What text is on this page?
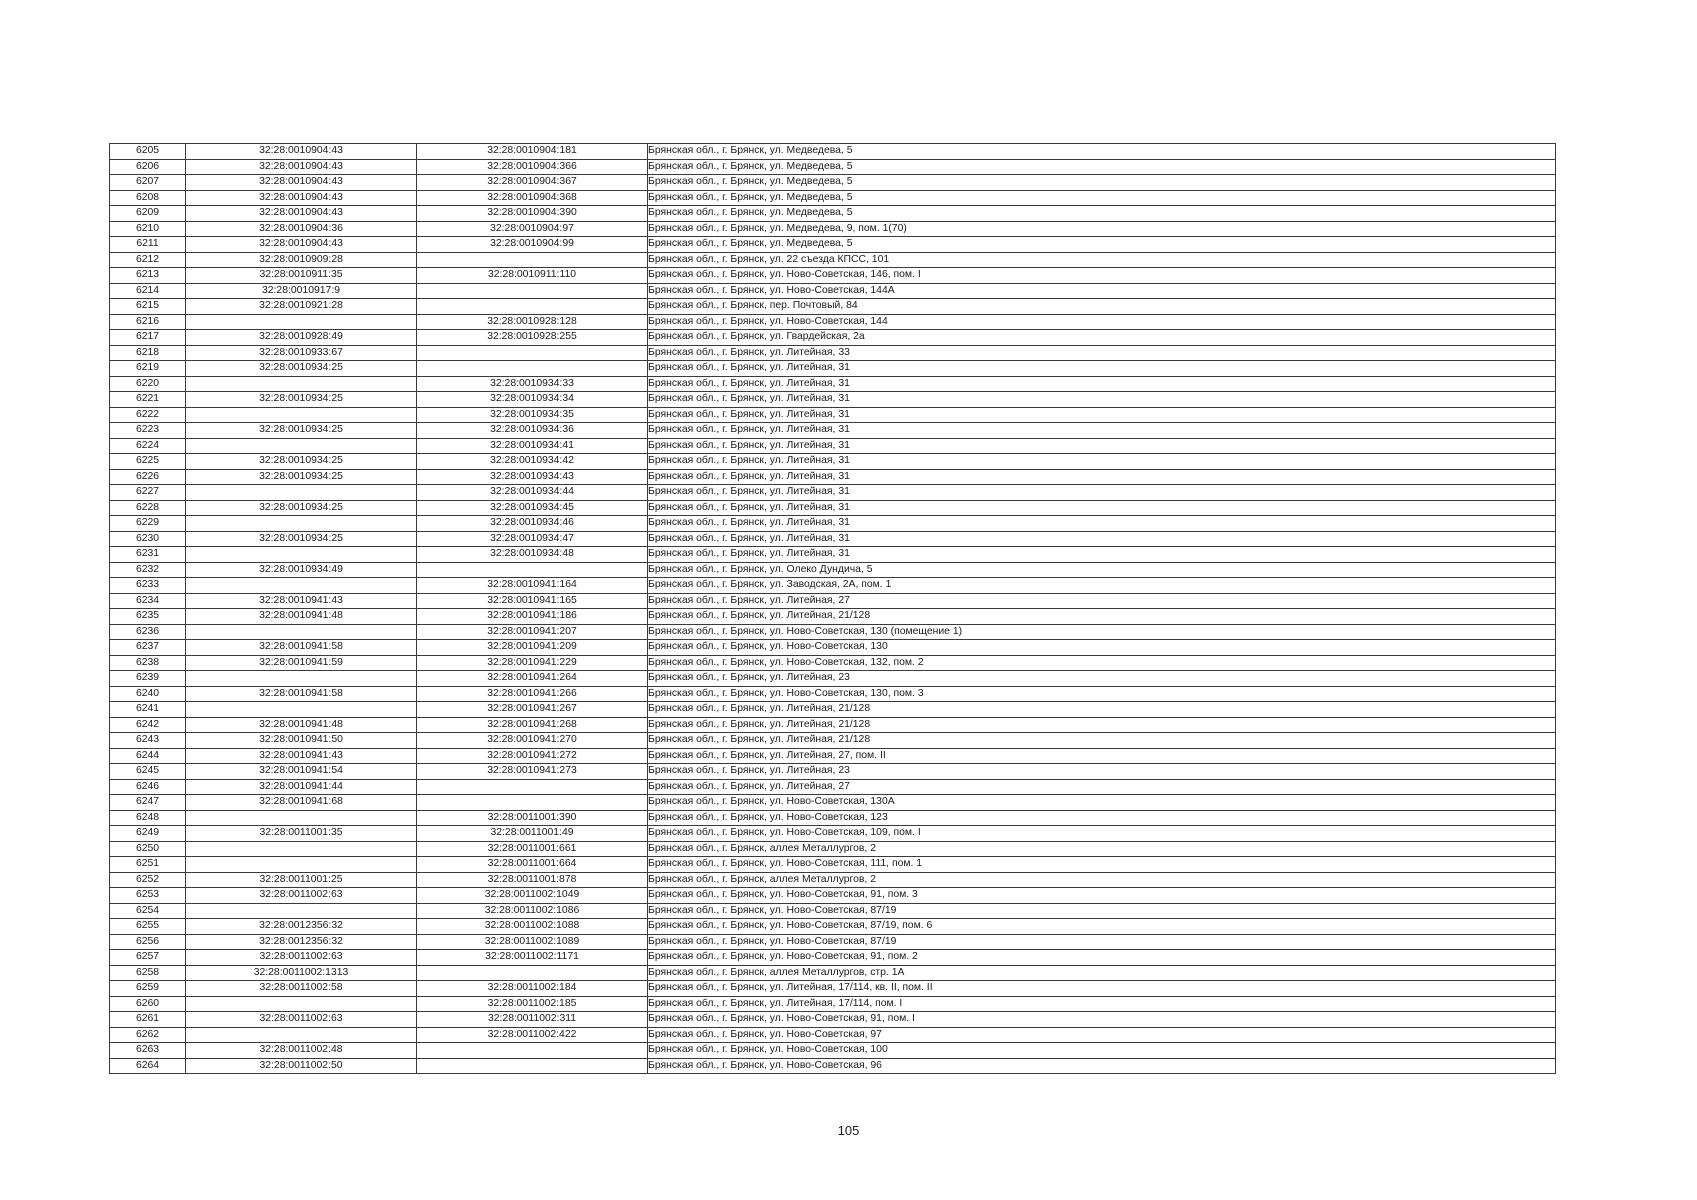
6205	32:28:0010904:43	32:28:0010904:181	Брянская обл., г. Брянск, ул. Медведева, 5
6206	32:28:0010904:43	32:28:0010904:366	Брянская обл., г. Брянск, ул. Медведева, 5
6207	32:28:0010904:43	32:28:0010904:367	Брянская обл., г. Брянск, ул. Медведева, 5
6208	32:28:0010904:43	32:28:0010904:368	Брянская обл., г. Брянск, ул. Медведева, 5
6209	32:28:0010904:43	32:28:0010904:390	Брянская обл., г. Брянск, ул. Медведева, 5
6210	32:28:0010904:36	32:28:0010904:97	Брянская обл., г. Брянск, ул. Медведева, 9, пом. 1(70)
6211	32:28:0010904:43	32:28:0010904:99	Брянская обл., г. Брянск, ул. Медведева, 5
6212	32:28:0010909:28		Брянская обл., г. Брянск, ул. 22 съезда КПСС, 101
6213	32:28:0010911:35	32:28:0010911:110	Брянская обл., г. Брянск, ул. Ново-Советская, 146, пом. I
6214	32:28:0010917:9		Брянская обл., г. Брянск, ул. Ново-Советская, 144А
6215	32:28:0010921:28		Брянская обл., г. Брянск, пер. Почтовый, 84
6216		32:28:0010928:128	Брянская обл., г. Брянск, ул. Ново-Советская, 144
6217	32:28:0010928:49	32:28:0010928:255	Брянская обл., г. Брянск, ул. Гвардейская, 2а
6218	32:28:0010933:67		Брянская обл., г. Брянск, ул. Литейная, 33
6219	32:28:0010934:25		Брянская обл., г. Брянск, ул. Литейная, 31
6220		32:28:0010934:33	Брянская обл., г. Брянск, ул. Литейная, 31
6221	32:28:0010934:25	32:28:0010934:34	Брянская обл., г. Брянск, ул. Литейная, 31
6222		32:28:0010934:35	Брянская обл., г. Брянск, ул. Литейная, 31
6223	32:28:0010934:25	32:28:0010934:36	Брянская обл., г. Брянск, ул. Литейная, 31
6224		32:28:0010934:41	Брянская обл., г. Брянск, ул. Литейная, 31
6225	32:28:0010934:25	32:28:0010934:42	Брянская обл., г. Брянск, ул. Литейная, 31
6226	32:28:0010934:25	32:28:0010934:43	Брянская обл., г. Брянск, ул. Литейная, 31
6227		32:28:0010934:44	Брянская обл., г. Брянск, ул. Литейная, 31
6228	32:28:0010934:25	32:28:0010934:45	Брянская обл., г. Брянск, ул. Литейная, 31
6229		32:28:0010934:46	Брянская обл., г. Брянск, ул. Литейная, 31
6230	32:28:0010934:25	32:28:0010934:47	Брянская обл., г. Брянск, ул. Литейная, 31
6231		32:28:0010934:48	Брянская обл., г. Брянск, ул. Литейная, 31
6232	32:28:0010934:49		Брянская обл., г. Брянск, ул. Олеко Дундича, 5
6233		32:28:0010941:164	Брянская обл., г. Брянск, ул. Заводская, 2А, пом. 1
6234	32:28:0010941:43	32:28:0010941:165	Брянская обл., г. Брянск, ул. Литейная, 27
6235	32:28:0010941:48	32:28:0010941:186	Брянская обл., г. Брянск, ул. Литейная, 21/128
6236		32:28:0010941:207	Брянская обл., г. Брянск, ул. Ново-Советская, 130 (помещение 1)
6237	32:28:0010941:58	32:28:0010941:209	Брянская обл., г. Брянск, ул. Ново-Советская, 130
6238	32:28:0010941:59	32:28:0010941:229	Брянская обл., г. Брянск, ул. Ново-Советская, 132, пом. 2
6239		32:28:0010941:264	Брянская обл., г. Брянск, ул. Литейная, 23
6240	32:28:0010941:58	32:28:0010941:266	Брянская обл., г. Брянск, ул. Ново-Советская, 130, пом. 3
6241		32:28:0010941:267	Брянская обл., г. Брянск, ул. Литейная, 21/128
6242	32:28:0010941:48	32:28:0010941:268	Брянская обл., г. Брянск, ул. Литейная, 21/128
6243	32:28:0010941:50	32:28:0010941:270	Брянская обл., г. Брянск, ул. Литейная, 21/128
6244	32:28:0010941:43	32:28:0010941:272	Брянская обл., г. Брянск, ул. Литейная, 27, пом. II
6245	32:28:0010941:54	32:28:0010941:273	Брянская обл., г. Брянск, ул. Литейная, 23
6246	32:28:0010941:44		Брянская обл., г. Брянск, ул. Литейная, 27
6247	32:28:0010941:68		Брянская обл., г. Брянск, ул. Ново-Советская, 130А
6248		32:28:0011001:390	Брянская обл., г. Брянск, ул. Ново-Советская, 123
6249	32:28:0011001:35	32:28:0011001:49	Брянская обл., г. Брянск, ул. Ново-Советская, 109, пом. I
6250		32:28:0011001:661	Брянская обл., г. Брянск, аллея Металлургов, 2
6251		32:28:0011001:664	Брянская обл., г. Брянск, ул. Ново-Советская, 111, пом. 1
6252	32:28:0011001:25	32:28:0011001:878	Брянская обл., г. Брянск, аллея Металлургов, 2
6253	32:28:0011002:63	32:28:0011002:1049	Брянская обл., г. Брянск, ул. Ново-Советская, 91, пом. 3
6254		32:28:0011002:1086	Брянская обл., г. Брянск, ул. Ново-Советская, 87/19
6255	32:28:0012356:32	32:28:0011002:1088	Брянская обл., г. Брянск, ул. Ново-Советская, 87/19, пом. 6
6256	32:28:0012356:32	32:28:0011002:1089	Брянская обл., г. Брянск, ул. Ново-Советская, 87/19
6257	32:28:0011002:63	32:28:0011002:1171	Брянская обл., г. Брянск, ул. Ново-Советская, 91, пом. 2
6258	32:28:0011002:1313		Брянская обл., г. Брянск, аллея Металлургов, стр. 1А
6259	32:28:0011002:58	32:28:0011002:184	Брянская обл., г. Брянск, ул. Литейная, 17/114, кв. II, пом. II
6260		32:28:0011002:185	Брянская обл., г. Брянск, ул. Литейная, 17/114, пом. I
6261	32:28:0011002:63	32:28:0011002:311	Брянская обл., г. Брянск, ул. Ново-Советская, 91, пом. I
6262		32:28:0011002:422	Брянская обл., г. Брянск, ул. Ново-Советская, 97
6263	32:28:0011002:48		Брянская обл., г. Брянск, ул. Ново-Советская, 100
6264	32:28:0011002:50		Брянская обл., г. Брянск, ул. Ново-Советская, 96
105
